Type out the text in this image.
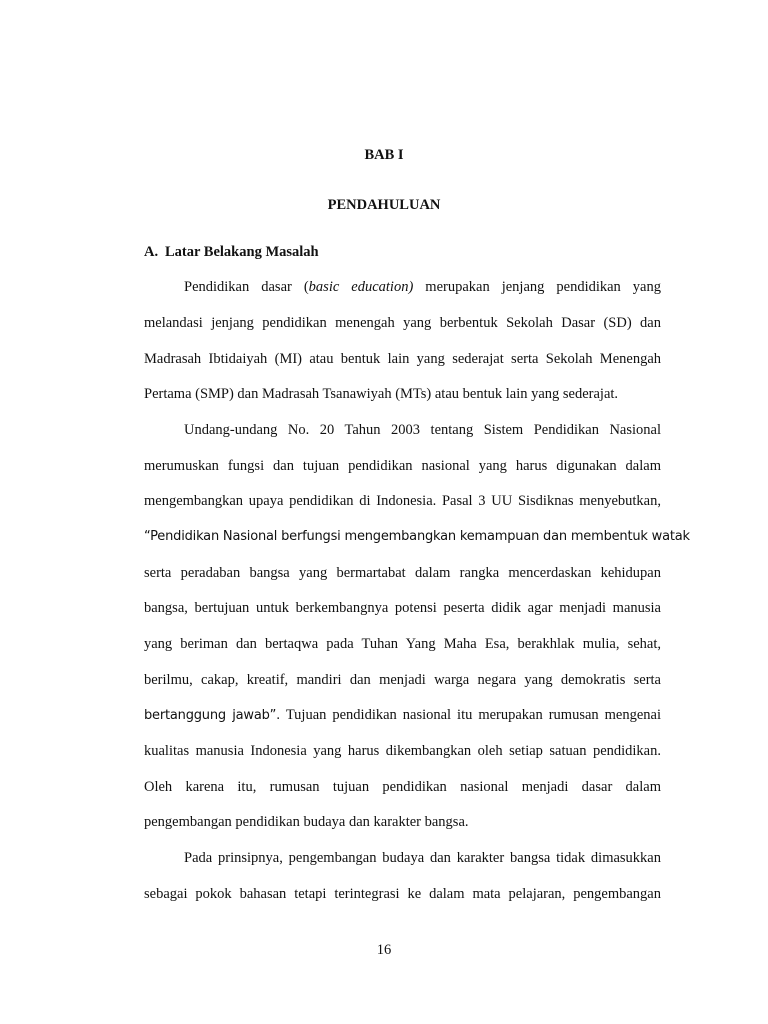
BAB I
PENDAHULUAN
A. Latar Belakang Masalah
Pendidikan dasar (basic education) merupakan jenjang pendidikan yang
melandasi jenjang pendidikan menengah yang berbentuk Sekolah Dasar (SD) dan
Madrasah Ibtidaiyah (MI) atau bentuk lain yang sederajat serta Sekolah Menengah
Pertama (SMP) dan Madrasah Tsanawiyah (MTs) atau bentuk lain yang sederajat.
Undang-undang No. 20 Tahun 2003 tentang Sistem Pendidikan Nasional
merumuskan fungsi dan tujuan pendidikan nasional yang harus digunakan dalam
mengembangkan upaya pendidikan di Indonesia. Pasal 3 UU Sisdiknas menyebutkan,
“Pendidikan Nasional berfungsi mengembangkan kemampuan dan membentuk watak
serta peradaban bangsa yang bermartabat dalam rangka mencerdaskan kehidupan
bangsa, bertujuan untuk berkembangnya potensi peserta didik agar menjadi manusia
yang beriman dan bertaqwa pada Tuhan Yang Maha Esa, berakhlak mulia, sehat,
berilmu, cakap, kreatif, mandiri dan menjadi warga negara yang demokratis serta
bertanggung jawab”. Tujuan pendidikan nasional itu merupakan rumusan mengenai
kualitas manusia Indonesia yang harus dikembangkan oleh setiap satuan pendidikan.
Oleh karena itu, rumusan tujuan pendidikan nasional menjadi dasar dalam
pengembangan pendidikan budaya dan karakter bangsa.
Pada prinsipnya, pengembangan budaya dan karakter bangsa tidak dimasukkan
sebagai pokok bahasan tetapi terintegrasi ke dalam mata pelajaran, pengembangan
16
